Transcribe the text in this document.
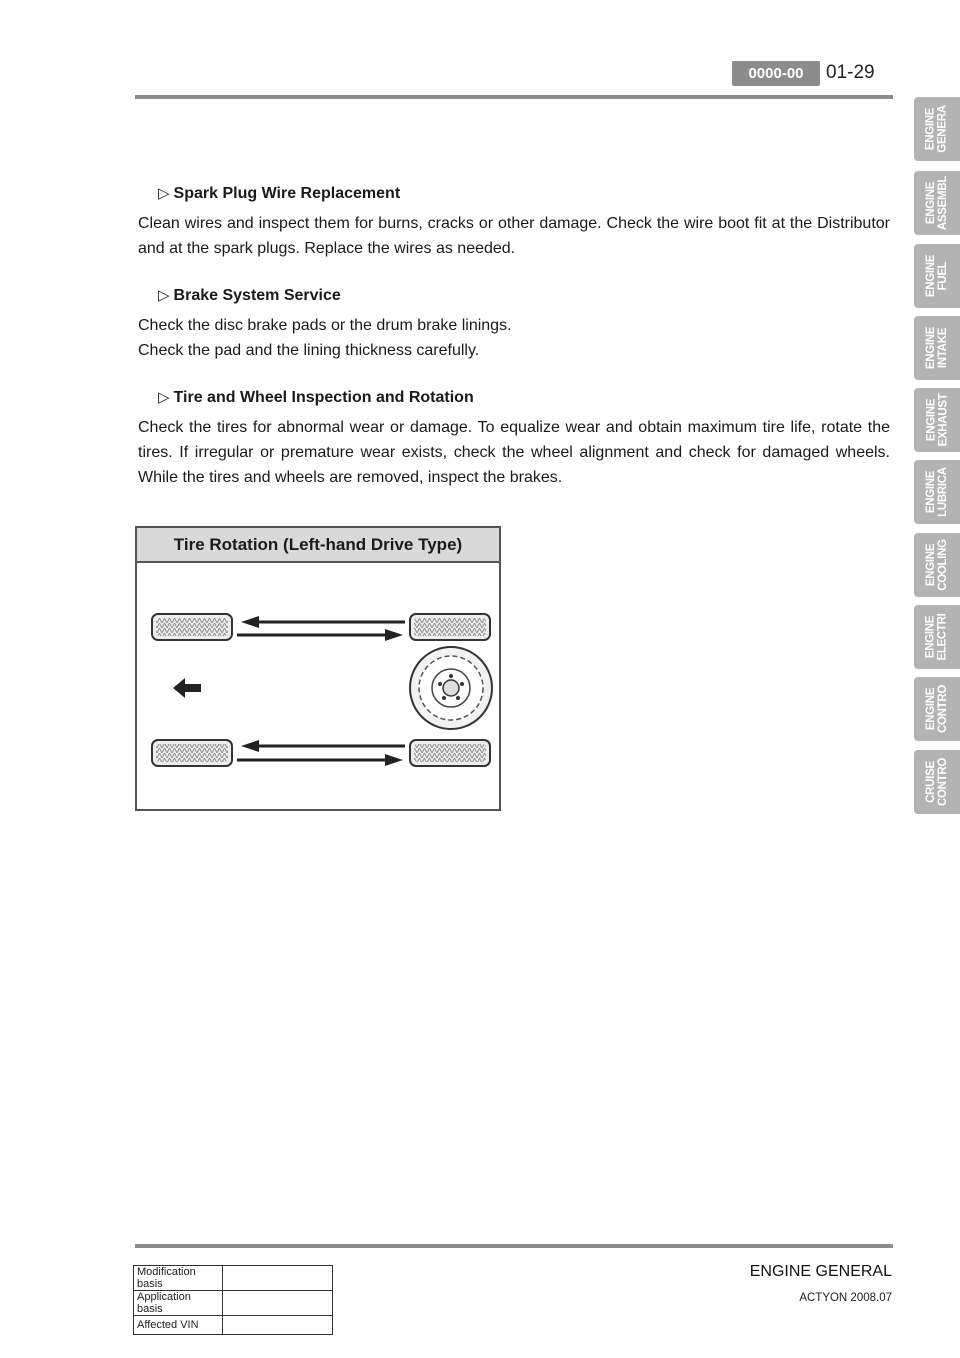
0000-00	01-29
ENGINE
GENERA
ENGINE
ASSEMBL
ENGINE
FUEL
ENGINE
INTAKE
ENGINE
EXHAUST
ENGINE
LUBRICA
ENGINE
COOLING
ENGINE
ELECTRI
ENGINE
CONTRO
CRUISE
CONTRO
▷ Spark Plug Wire Replacement

Clean wires and inspect them for burns, cracks or other damage. Check the wire boot fit at the Distributor and at the spark plugs. Replace the wires as needed.

▷ Brake System Service

Check the disc brake pads or the drum brake linings.

Check the pad and the lining thickness carefully.

▷ Tire and Wheel Inspection and Rotation

Check the tires for abnormal wear or damage. To equalize wear and obtain maximum tire life, rotate the tires. If irregular or premature wear exists, check the wheel alignment and check for damaged wheels. While the tires and wheels are removed, inspect the brakes.

Tire Rotation (Left-hand Drive Type)
ENGINE GENERAL
ACTYON 2008.07
Modification basis	
Application basis	
Affected VIN	
